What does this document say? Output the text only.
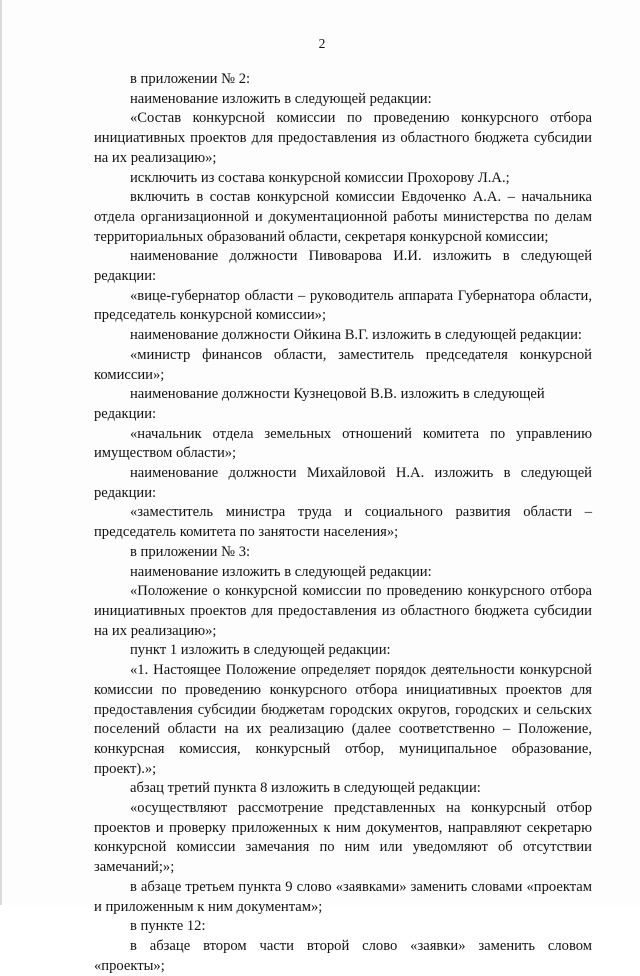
2

в приложении № 2:

наименование изложить в следующей редакции:

«Состав конкурсной комиссии по проведению конкурсного отбора инициативных проектов для предоставления из областного бюджета субсидии на их реализацию»;

исключить из состава конкурсной комиссии Прохорову Л.А.;

включить в состав конкурсной комиссии Евдоченко А.А. – начальника отдела организационной и документационной работы министерства по делам территориальных образований области, секретаря конкурсной комиссии;

наименование должности Пивоварова И.И. изложить в следующей редакции:

«вице-губернатор области – руководитель аппарата Губернатора области, председатель конкурсной комиссии»;

наименование должности Ойкина В.Г. изложить в следующей редакции:

«министр финансов области, заместитель председателя конкурсной комиссии»;

наименование должности Кузнецовой В.В. изложить в следующей редакции:

«начальник отдела земельных отношений комитета по управлению имуществом области»;

наименование должности Михайловой Н.А. изложить в следующей редакции:

«заместитель министра труда и социального развития области – председатель комитета по занятости населения»;

в приложении № 3:

наименование изложить в следующей редакции:

«Положение о конкурсной комиссии по проведению конкурсного отбора инициативных проектов для предоставления из областного бюджета субсидии на их реализацию»;

пункт 1 изложить в следующей редакции:

«1. Настоящее Положение определяет порядок деятельности конкурсной комиссии по проведению конкурсного отбора инициативных проектов для предоставления субсидии бюджетам городских округов, городских и сельских поселений области на их реализацию (далее соответственно – Положение, конкурсная комиссия, конкурсный отбор, муниципальное образование, проект).»;

абзац третий пункта 8 изложить в следующей редакции:

«осуществляют рассмотрение представленных на конкурсный отбор проектов и проверку приложенных к ним документов, направляют секретарю конкурсной комиссии замечания по ним или уведомляют об отсутствии замечаний;»;

в абзаце третьем пункта 9 слово «заявками» заменить словами «проектам и приложенным к ним документам»;

в пункте 12:

в абзаце втором части второй слово «заявки» заменить словом «проекты»;
